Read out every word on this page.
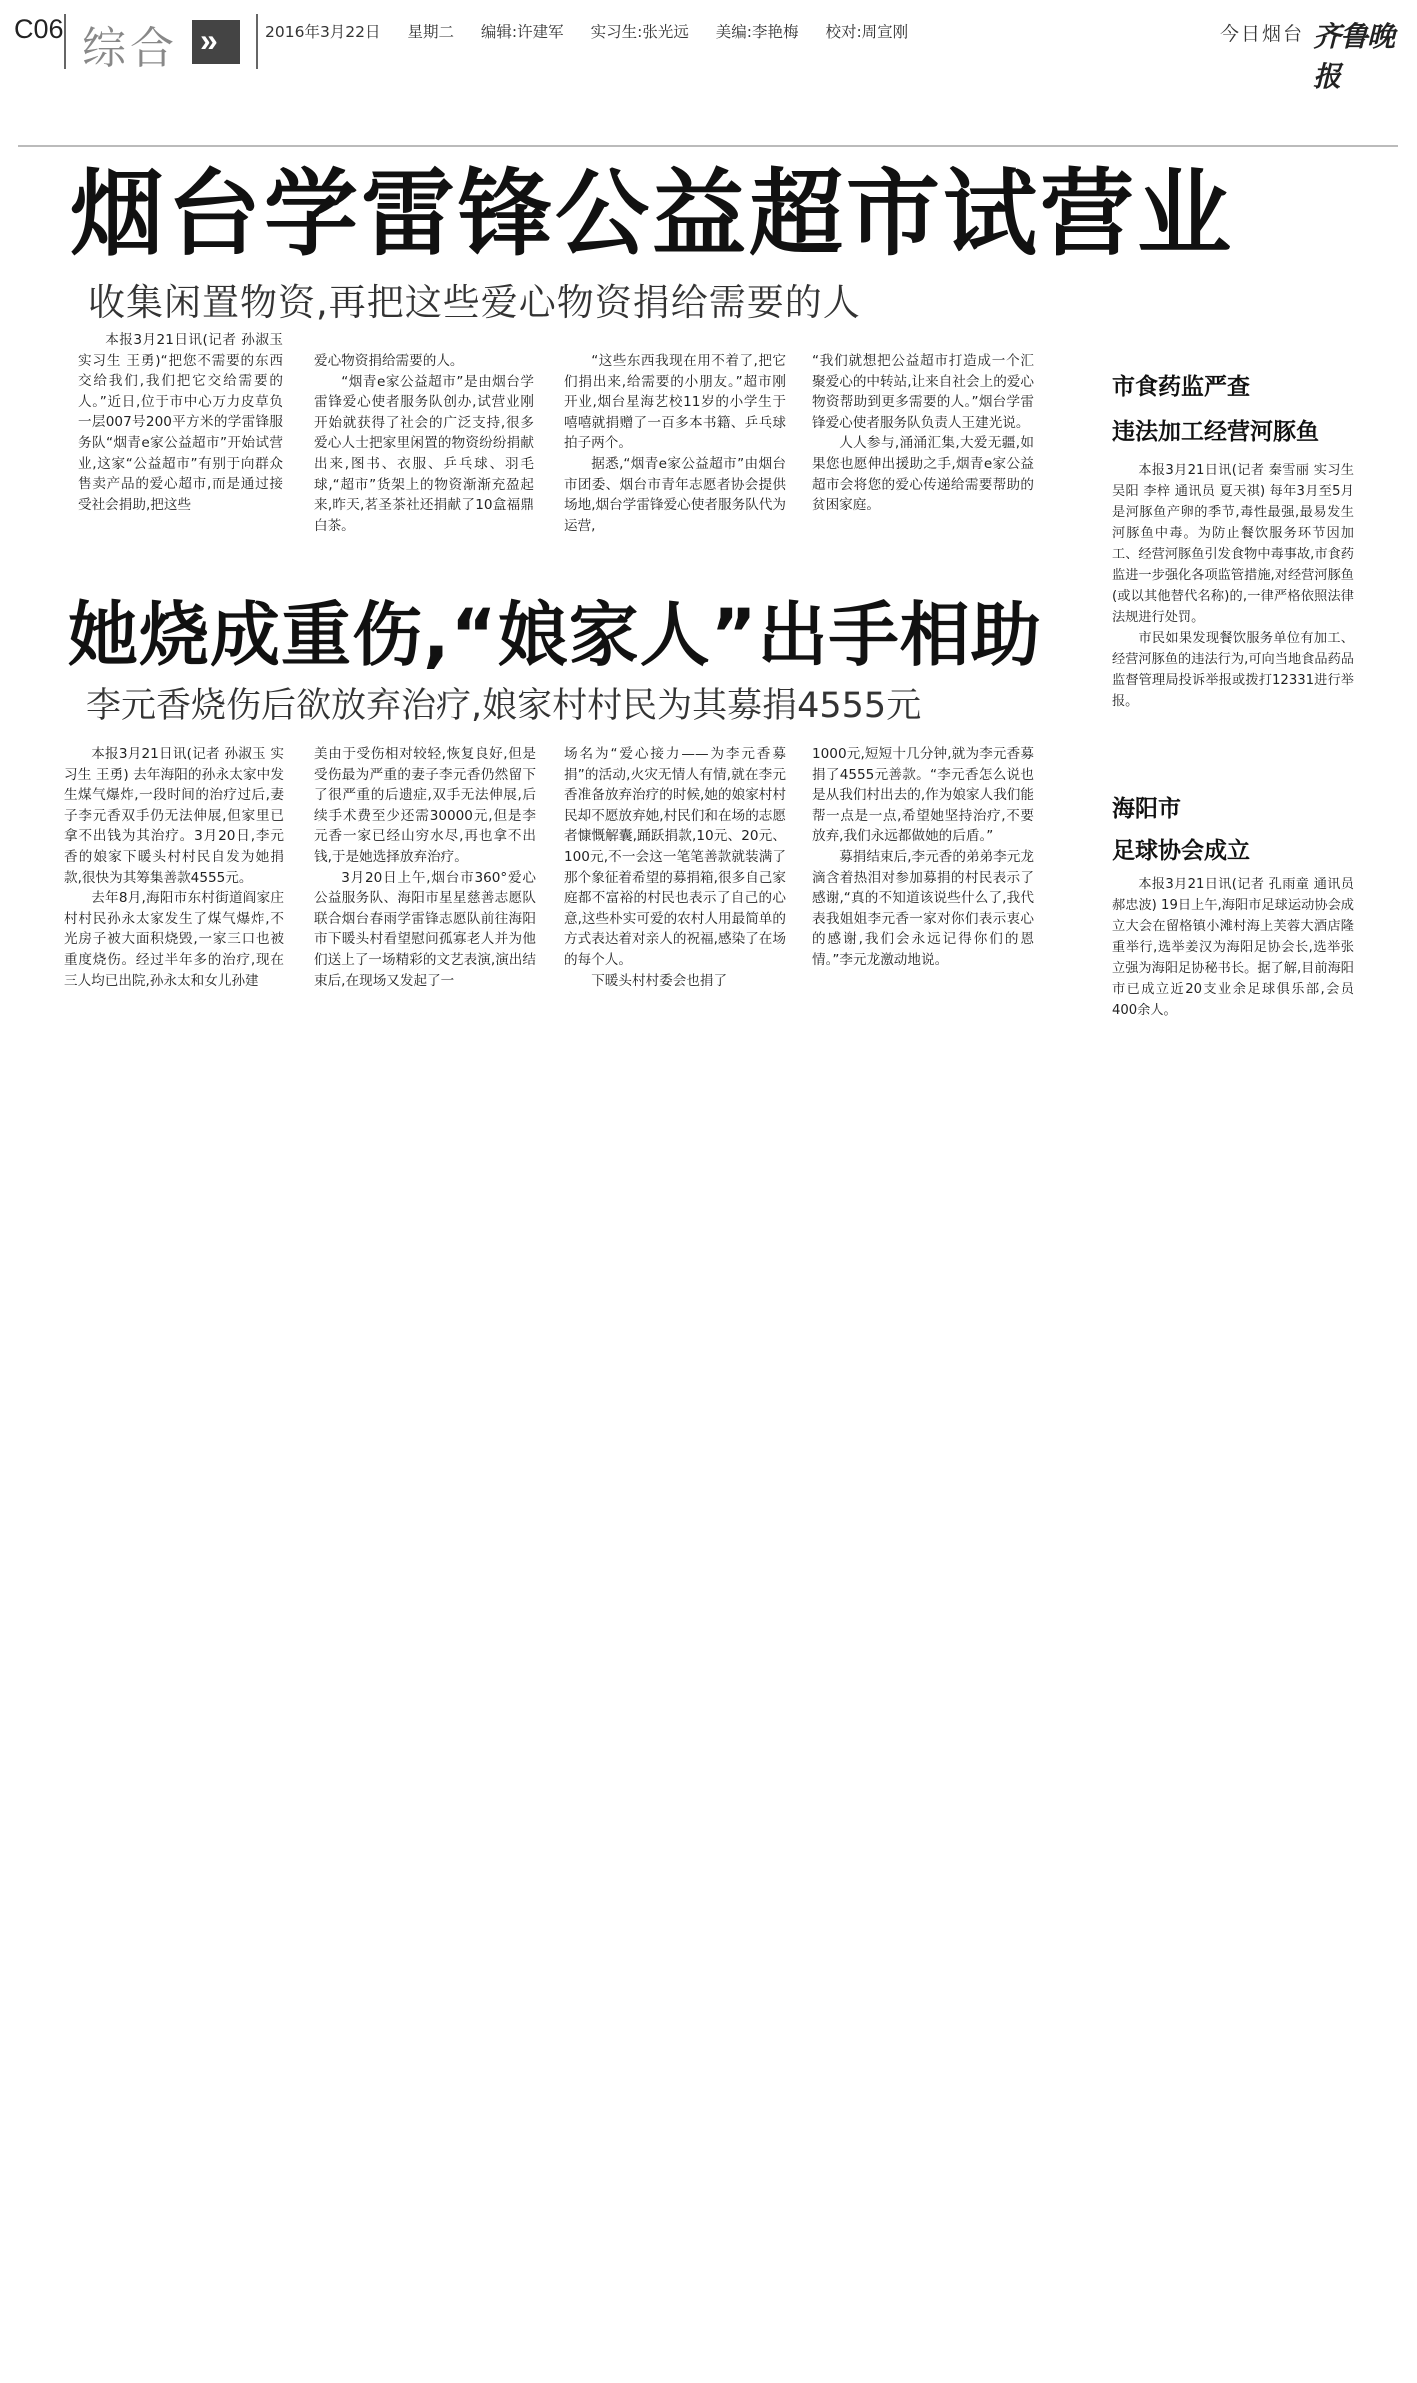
C06 综合 »	2016年3月22日 星期二 编辑:许建军 实习生:张光远 美编:李艳梅 校对:周宣刚	今日烟台 齐鲁晚报
烟台学雷锋公益超市试营业
收集闲置物资,再把这些爱心物资捐给需要的人

本报3月21日讯(记者 孙淑玉 实习生 王勇)“把您不需要的东西交给我们,我们把它交给需要的人。”近日,位于市中心万力皮草负一层007号200平方米的学雷锋服务队“烟青e家公益超市”开始试营业,这家“公益超市”有别于向群众售卖产品的爱心超市,而是通过接受社会捐助,把这些

爱心物资捐给需要的人。

“烟青e家公益超市”是由烟台学雷锋爱心使者服务队创办,试营业刚开始就获得了社会的广泛支持,很多爱心人士把家里闲置的物资纷纷捐献出来,图书、衣服、乒乓球、羽毛球,“超市”货架上的物资渐渐充盈起来,昨天,茗圣茶社还捐献了10盒福鼎白茶。

“这些东西我现在用不着了,把它们捐出来,给需要的小朋友。”超市刚开业,烟台星海艺校11岁的小学生于嘻嘻就捐赠了一百多本书籍、乒乓球拍子两个。

据悉,“烟青e家公益超市”由烟台市团委、烟台市青年志愿者协会提供场地,烟台学雷锋爱心使者服务队代为运营,

“我们就想把公益超市打造成一个汇聚爱心的中转站,让来自社会上的爱心物资帮助到更多需要的人。”烟台学雷锋爱心使者服务队负责人王建光说。

人人参与,涌涌汇集,大爱无疆,如果您也愿伸出援助之手,烟青e家公益超市会将您的爱心传递给需要帮助的贫困家庭。

她烧成重伤,“娘家人”出手相助
李元香烧伤后欲放弃治疗,娘家村村民为其募捐4555元

本报3月21日讯(记者 孙淑玉 实习生 王勇) 去年海阳的孙永太家中发生煤气爆炸,一段时间的治疗过后,妻子李元香双手仍无法伸展,但家里已拿不出钱为其治疗。3月20日,李元香的娘家下暖头村村民自发为她捐款,很快为其筹集善款4555元。

去年8月,海阳市东村街道阎家庄村村民孙永太家发生了煤气爆炸,不光房子被大面积烧毁,一家三口也被重度烧伤。经过半年多的治疗,现在三人均已出院,孙永太和女儿孙建

美由于受伤相对较轻,恢复良好,但是受伤最为严重的妻子李元香仍然留下了很严重的后遗症,双手无法伸展,后续手术费至少还需30000元,但是李元香一家已经山穷水尽,再也拿不出钱,于是她选择放弃治疗。

3月20日上午,烟台市360°爱心公益服务队、海阳市星星慈善志愿队联合烟台春雨学雷锋志愿队前往海阳市下暖头村看望慰问孤寡老人并为他们送上了一场精彩的文艺表演,演出结束后,在现场又发起了一

场名为“爱心接力——为李元香募捐”的活动,火灾无情人有情,就在李元香准备放弃治疗的时候,她的娘家村村民却不愿放弃她,村民们和在场的志愿者慷慨解囊,踊跃捐款,10元、20元、100元,不一会这一笔笔善款就装满了那个象征着希望的募捐箱,很多自己家庭都不富裕的村民也表示了自己的心意,这些朴实可爱的农村人用最简单的方式表达着对亲人的祝福,感染了在场的每个人。

下暖头村村委会也捐了

1000元,短短十几分钟,就为李元香募捐了4555元善款。“李元香怎么说也是从我们村出去的,作为娘家人我们能帮一点是一点,希望她坚持治疗,不要放弃,我们永远都做她的后盾。”

募捐结束后,李元香的弟弟李元龙滴含着热泪对参加募捐的村民表示了感谢,“真的不知道该说些什么了,我代表我姐姐李元香一家对你们表示衷心的感谢,我们会永远记得你们的恩情。”李元龙激动地说。

市食药监严查
违法加工经营河豚鱼

本报3月21日讯(记者 秦雪丽 实习生 吴阳 李梓 通讯员 夏天祺) 每年3月至5月是河豚鱼产卵的季节,毒性最强,最易发生河豚鱼中毒。为防止餐饮服务环节因加工、经营河豚鱼引发食物中毒事故,市食药监进一步强化各项监管措施,对经营河豚鱼(或以其他替代名称)的,一律严格依照法律法规进行处罚。

市民如果发现餐饮服务单位有加工、经营河豚鱼的违法行为,可向当地食品药品监督管理局投诉举报或拨打12331进行举报。

海阳市
足球协会成立

本报3月21日讯(记者 孔雨童 通讯员 郝忠波) 19日上午,海阳市足球运动协会成立大会在留格镇小滩村海上芙蓉大酒店隆重举行,选举姜汉为海阳足协会长,选举张立强为海阳足协秘书长。据了解,目前海阳市已成立近20支业余足球俱乐部,会员400余人。
